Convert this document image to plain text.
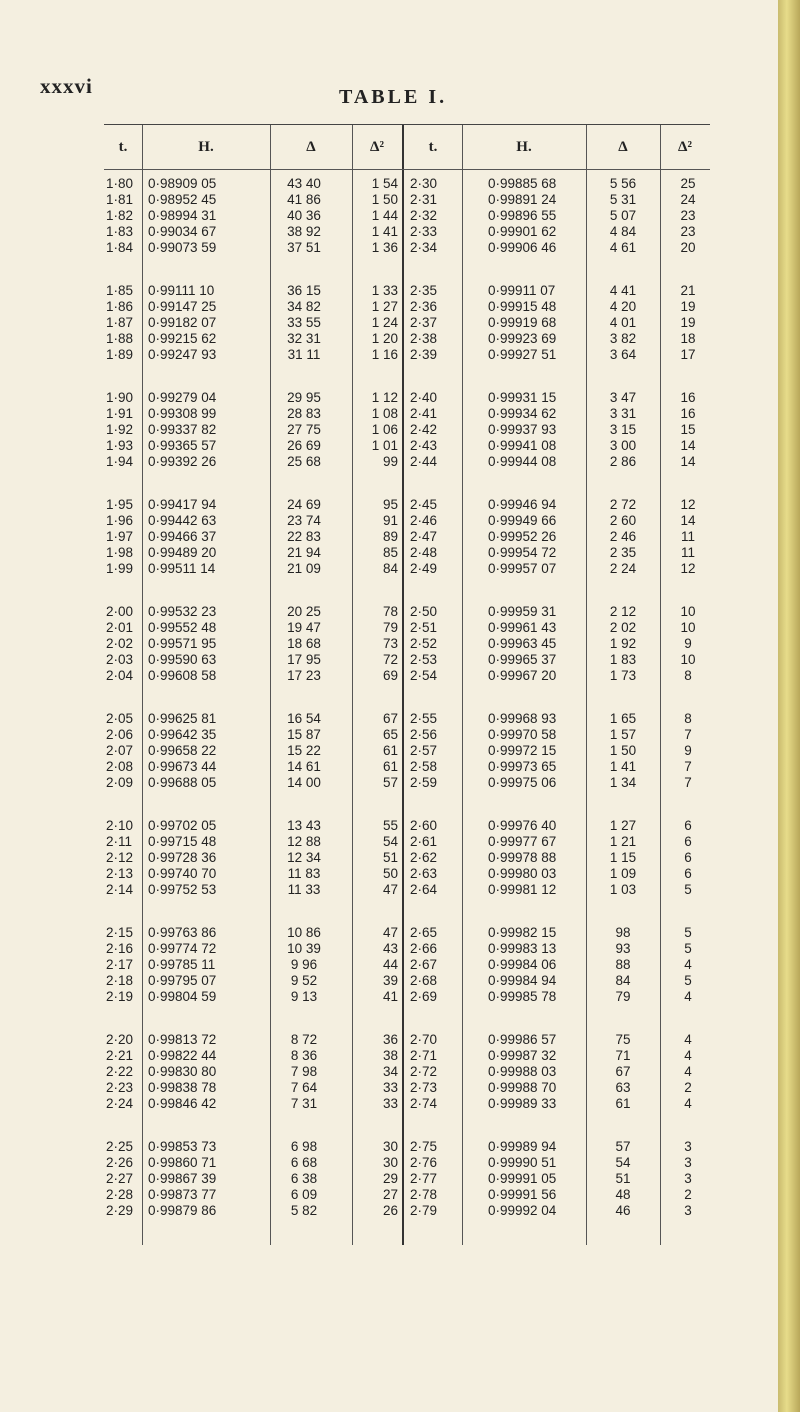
xxxvi	TABLE I.
t.	H.	Δ	Δ²	t.	H.	Δ	Δ²
1·80	0·98909 05	43 40	1 54 2·30	0·99885 68	5 56	25
1·81	0·98952 45	41 86	1 50 2·31	0·99891 24	5 31	24
1·82	0·98994 31	40 36	1 44 2·32	0·99896 55	5 07	23
1·83	0·99034 67	38 92	1 41 2·33	0·99901 62	4 84	23
1·84	0·99073 59	37 51	1 36 2·34	0·99906 46	4 61	20
1·85	0·99111 10	36 15	1 33 2·35	0·99911 07	4 41	21
1·86	0·99147 25	34 82	1 27 2·36	0·99915 48	4 20	19
1·87	0·99182 07	33 55	1 24 2·37	0·99919 68	4 01	19
1·88	0·99215 62	32 31	1 20 2·38	0·99923 69	3 82	18
1·89	0·99247 93	31 11	1 16 2·39	0·99927 51	3 64	17
1·90	0·99279 04	29 95	1 12 2·40	0·99931 15	3 47	16
1·91	0·99308 99	28 83	1 08 2·41	0·99934 62	3 31	16
1·92	0·99337 82	27 75	1 06 2·42	0·99937 93	3 15	15
1·93	0·99365 57	26 69	1 01 2·43	0·99941 08	3 00	14
1·94	0·99392 26	25 68	99 2·44	0·99944 08	2 86	14
1·95	0·99417 94	24 69	95 2·45	0·99946 94	2 72	12
1·96	0·99442 63	23 74	91 2·46	0·99949 66	2 60	14
1·97	0·99466 37	22 83	89 2·47	0·99952 26	2 46	11
1·98	0·99489 20	21 94	85 2·48	0·99954 72	2 35	11
1·99	0·99511 14	21 09	84 2·49	0·99957 07	2 24	12
2·00	0·99532 23	20 25	78 2·50	0·99959 31	2 12	10
2·01	0·99552 48	19 47	79 2·51	0·99961 43	2 02	10
2·02	0·99571 95	18 68	73 2·52	0·99963 45	1 92	9
2·03	0·99590 63	17 95	72 2·53	0·99965 37	1 83	10
2·04	0·99608 58	17 23	69 2·54	0·99967 20	1 73	8
2·05	0·99625 81	16 54	67 2·55	0·99968 93	1 65	8
2·06	0·99642 35	15 87	65 2·56	0·99970 58	1 57	7
2·07	0·99658 22	15 22	61 2·57	0·99972 15	1 50	9
2·08	0·99673 44	14 61	61 2·58	0·99973 65	1 41	7
2·09	0·99688 05	14 00	57 2·59	0·99975 06	1 34	7
2·10	0·99702 05	13 43	55 2·60	0·99976 40	1 27	6
2·11	0·99715 48	12 88	54 2·61	0·99977 67	1 21	6
2·12	0·99728 36	12 34	51 2·62	0·99978 88	1 15	6
2·13	0·99740 70	11 83	50 2·63	0·99980 03	1 09	6
2·14	0·99752 53	11 33	47 2·64	0·99981 12	1 03	5
2·15	0·99763 86	10 86	47 2·65	0·99982 15	98	5
2·16	0·99774 72	10 39	43 2·66	0·99983 13	93	5
2·17	0·99785 11	9 96	44 2·67	0·99984 06	88	4
2·18	0·99795 07	9 52	39 2·68	0·99984 94	84	5
2·19	0·99804 59	9 13	41 2·69	0·99985 78	79	4
2·20	0·99813 72	8 72	36 2·70	0·99986 57	75	4
2·21	0·99822 44	8 36	38 2·71	0·99987 32	71	4
2·22	0·99830 80	7 98	34 2·72	0·99988 03	67	4
2·23	0·99838 78	7 64	33 2·73	0·99988 70	63	2
2·24	0·99846 42	7 31	33 2·74	0·99989 33	61	4
2·25	0·99853 73	6 98	30 2·75	0·99989 94	57	3
2·26	0·99860 71	6 68	30 2·76	0·99990 51	54	3
2·27	0·99867 39	6 38	29 2·77	0·99991 05	51	3
2·28	0·99873 77	6 09	27 2·78	0·99991 56	48	2
2·29	0·99879 86	5 82	26 2·79	0·99992 04	46	3
